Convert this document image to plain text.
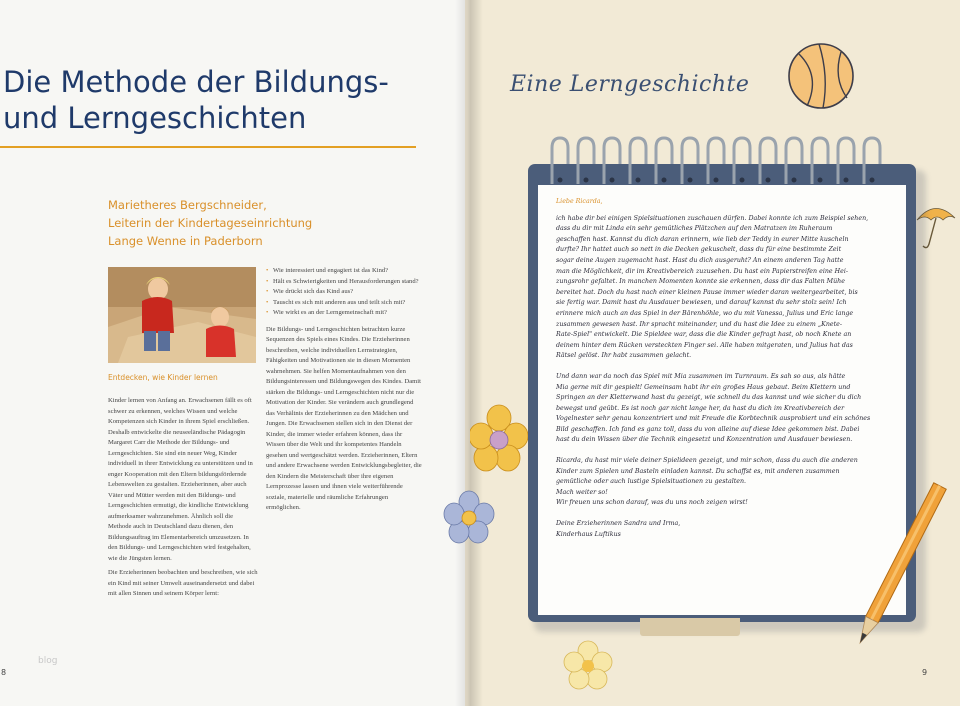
Die Methode der Bildungs-
und Lerngeschichten
Marietheres Bergschneider,
Leiterin der Kindertageseinrichtung
Lange Wenne in Paderborn
Entdecken, wie Kinder lernen

Kinder lernen von Anfang an. Erwachsenen fällt es oft schwer zu erkennen, welches Wissen und welche Kompetenzen sich Kinder in ihrem Spiel erschließen. Deshalb entwickelte die neuseeländische Pädagogin Margaret Carr die Methode der Bildungs- und Lerngeschichten. Sie sind ein neuer Weg, Kinder individuell in ihrer Entwicklung zu unterstützen und in enger Kooperation mit den Eltern bildungsfördernde Lebenswelten zu gestalten. Erzieherinnen, aber auch Väter und Mütter werden mit den Bildungs- und Lerngeschichten ermutigt, die kindliche Entwicklung aufmerksamer wahrzunehmen. Ähnlich soll die Methode auch in Deutschland dazu dienen, den Bildungsauftrag im Elementarbereich umzusetzen. In den Bildungs- und Lerngeschichten wird festgehalten, wie die Jüngsten lernen.

Die Erzieherinnen beobachten und beschreiben, wie sich ein Kind mit seiner Umwelt auseinandersetzt und dabei mit allen Sinnen und seinem Körper lernt:

• Wie interessiert und engagiert ist das Kind?
• Hält es Schwierigkeiten und Herausforderungen stand?
• Wie drückt sich das Kind aus?
• Tauscht es sich mit anderen aus und teilt sich mit?
• Wie wirkt es an der Lerngemeinschaft mit?

Die Bildungs- und Lerngeschichten betrachten kurze Sequenzen des Spiels eines Kindes. Die Erzieherinnen beschreiben, welche individuellen Lernstrategien, Fähigkeiten und Motivationen sie in diesen Momenten wahrnehmen. Sie helfen Momentaufnahmen von den Bildungsinteressen und Bildungswegen des Kindes. Damit stärken die Bildungs- und Lerngeschichten nicht nur die Motivation der Kinder. Sie verändern auch grundlegend das Verhältnis der Erzieherinnen zu den Mädchen und Jungen. Die Erwachsenen stellen sich in den Dienst der Kinder, die immer wieder erfahren können, dass ihr Wissen über die Welt und ihr kompetentes Handeln gesehen und wertgeschätzt werden. Erzieherinnen, Eltern und andere Erwachsene werden Entwicklungsbegleiter, die den Kindern die Meisterschaft über ihre eigenen Lernprozesse lassen und ihnen viele weiterführende soziale, materielle und räumliche Erfahrungen ermöglichen.

blog
8
Eine Lerngeschichte

Liebe Ricarda,

ich habe dir bei einigen Spielsituationen zuschauen dürfen. Dabei konnte ich zum Beispiel sehen,
dass du dir mit Linda ein sehr gemütliches Plätzchen auf den Matratzen im Ruheraum
geschaffen hast. Kannst du dich daran erinnern, wie lieb der Teddy in eurer Mitte kuscheln
durfte? Ihr hattet auch so nett in die Decken gekuschelt, dass du für eine bestimmte Zeit
sogar deine Augen zugemacht hast. Hast du dich ausgeruht? An einem anderen Tag hatte
man die Möglichkeit, dir im Kreativbereich zuzusehen. Du hast ein Papierstreifen eine Hei-
zungsrohr gefaltet. In manchen Momenten konnte sie erkennen, dass dir das Falten Mühe
bereitet hat. Doch du hast nach einer kleinen Pause immer wieder daran weitergearbeitet, bis
sie fertig war. Damit hast du Ausdauer bewiesen, und darauf kannst du sehr stolz sein! Ich
erinnere mich auch an das Spiel in der Bärenhöhle, wo du mit Vanessa, Julius und Eric lange
zusammen gewesen hast. Ihr spracht miteinander, und du hast die Idee zu einem „Knete-
Rate-Spiel" entwickelt. Die Spieldee war, dass die die Kinder gefragt hast, ob noch Knete an
deinem hinter dem Rücken versteckten Finger sei. Alle haben mitgeraten, und Julius hat das
Rätsel gelöst. Ihr habt zusammen gelacht.

Und dann war da noch das Spiel mit Mia zusammen im Turnraum. Es sah so aus, als hätte
Mia gerne mit dir gespielt! Gemeinsam habt ihr ein großes Haus gebaut. Beim Klettern und
Springen an der Kletterwand hast du gezeigt, wie schnell du das kannst und wie sicher du dich
bewegst und geübt. Es ist noch gar nicht lange her, da hast du dich im Kreativbereich der
Vogelnester sehr genau konzentriert und mit Freude die Korbtechnik ausprobiert und ein schönes
Bild geschaffen. Ich fand es ganz toll, dass du von alleine auf diese Idee gekommen bist. Dabei
hast du dein Wissen über die Technik eingesetzt und Konzentration und Ausdauer bewiesen.

Ricarda, du hast mir viele deiner Spielideen gezeigt, und mir schon, dass du auch die anderen
Kinder zum Spielen und Basteln einladen kannst. Du schaffst es, mit anderen zusammen
gemütliche oder auch lustige Spielsituationen zu gestalten.
Mach weiter so!
Wir freuen uns schon darauf, was du uns noch zeigen wirst!

Deine Erzieherinnen Sandra und Irma,
Kinderhaus Luftikus

9
